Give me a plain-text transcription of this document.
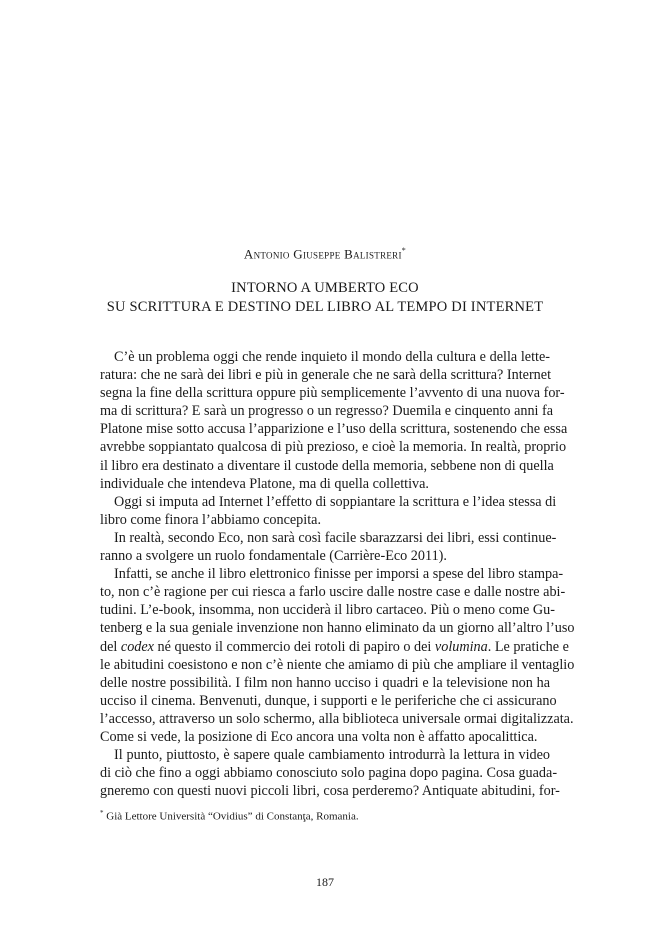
Antonio Giuseppe Balistreri*
INTORNO A UMBERTO ECO
SU SCRITTURA E DESTINO DEL LIBRO AL TEMPO DI INTERNET
C’è un problema oggi che rende inquieto il mondo della cultura e della lette-
ratura: che ne sarà dei libri e più in generale che ne sarà della scrittura? Internet
segna la fine della scrittura oppure più semplicemente l’avvento di una nuova for-
ma di scrittura? E sarà un progresso o un regresso? Duemila e cinquento anni fa
Platone mise sotto accusa l’apparizione e l’uso della scrittura, sostenendo che essa
avrebbe soppiantato qualcosa di più prezioso, e cioè la memoria. In realtà, proprio
il libro era destinato a diventare il custode della memoria, sebbene non di quella
individuale che intendeva Platone, ma di quella collettiva.
Oggi si imputa ad Internet l’effetto di soppiantare la scrittura e l’idea stessa di
libro come finora l’abbiamo concepita.
In realtà, secondo Eco, non sarà così facile sbarazzarsi dei libri, essi continue-
ranno a svolgere un ruolo fondamentale (Carrière-Eco 2011).
Infatti, se anche il libro elettronico finisse per imporsi a spese del libro stampa-
to, non c’è ragione per cui riesca a farlo uscire dalle nostre case e dalle nostre abi-
tudini. L’e-book, insomma, non ucciderà il libro cartaceo. Più o meno come Gu-
tenberg e la sua geniale invenzione non hanno eliminato da un giorno all’altro l’uso
del codex né questo il commercio dei rotoli di papiro o dei volumina. Le pratiche e
le abitudini coesistono e non c’è niente che amiamo di più che ampliare il ventaglio
delle nostre possibilità. I film non hanno ucciso i quadri e la televisione non ha
ucciso il cinema. Benvenuti, dunque, i supporti e le periferiche che ci assicurano
l’accesso, attraverso un solo schermo, alla biblioteca universale ormai digitalizzata.
Come si vede, la posizione di Eco ancora una volta non è affatto apocalittica.
Il punto, piuttosto, è sapere quale cambiamento introdurrà la lettura in video
di ciò che fino a oggi abbiamo conosciuto solo pagina dopo pagina. Cosa guada-
gneremo con questi nuovi piccoli libri, cosa perderemo? Antiquate abitudini, for-
* Già Lettore Università “Ovidius” di Constanţa, Romania.
187
